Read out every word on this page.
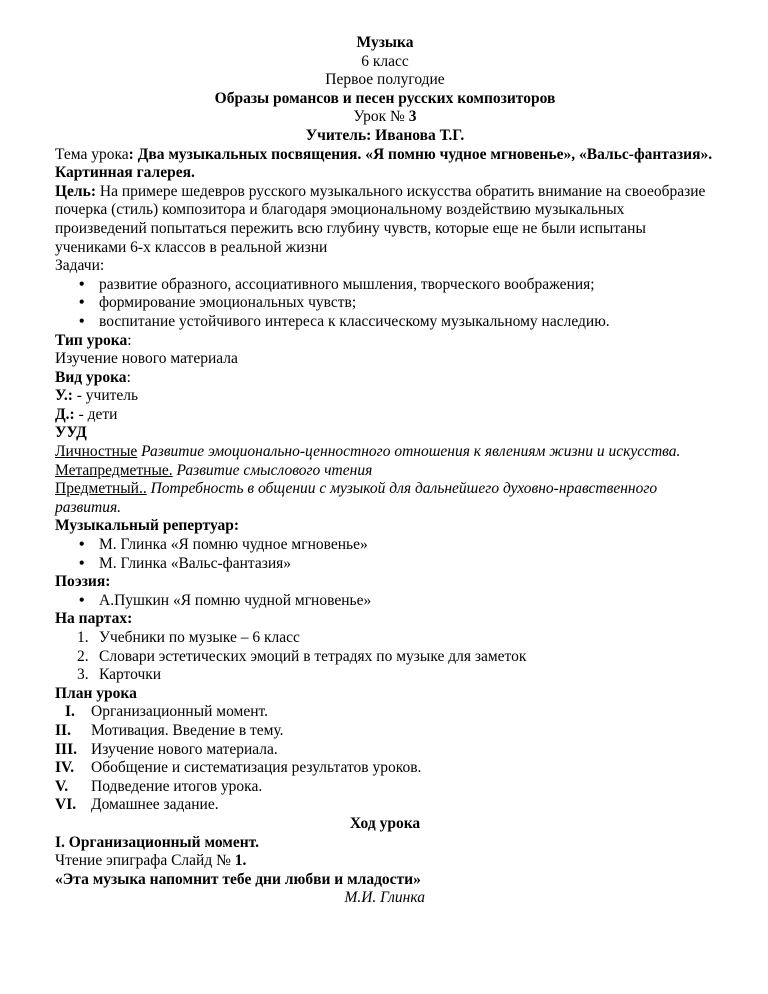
Музыка

6 класс

Первое полугодие

Образы романсов и песен русских композиторов

Урок № 3

Учитель: Иванова Т.Г.

Тема урока: Два музыкальных посвящения. «Я помню чудное мгновенье», «Вальс-фантазия». Картинная галерея.

Цель: На примере шедевров русского музыкального искусства обратить внимание на своеобразие почерка (стиль) композитора и благодаря эмоциональному воздействию музыкальных произведений попытаться пережить всю глубину чувств, которые еще не были испытаны учениками 6-х классов в реальной жизни

Задачи:

• развитие образного, ассоциативного мышления, творческого воображения;
• формирование эмоциональных чувств;
• воспитание устойчивого интереса к классическому музыкальному наследию.

Тип урока:

Изучение нового материала

Вид урока:

У.: - учитель

Д.: - дети

УУД

Личностные Развитие эмоционально-ценностного отношения к явлениям жизни и искусства.

Метапредметные. Развитие смыслового чтения

Предметный.. Потребность в общении с музыкой для дальнейшего духовно-нравственного развития.

Музыкальный репертуар:

• М. Глинка «Я помню чудное мгновенье»
• М. Глинка «Вальс-фантазия»

Поэзия:

• А.Пушкин «Я помню чудной мгновенье»

На партах:

1. Учебники по музыке – 6 класс
2. Словари эстетических эмоций в тетрадях по музыке для заметок
3. Карточки

План урока

I.	Организационный момент.
II.	Мотивация. Введение в тему.
III. Изучение нового материала.
IV.	Обобщение и систематизация результатов уроков.
V.	Подведение итогов урока.
VI. Домашнее задание.

Ход урока

I. Организационный момент.

Чтение эпиграфа Слайд № 1.

«Эта музыка напомнит тебе дни любви и младости»

М.И. Глинка
